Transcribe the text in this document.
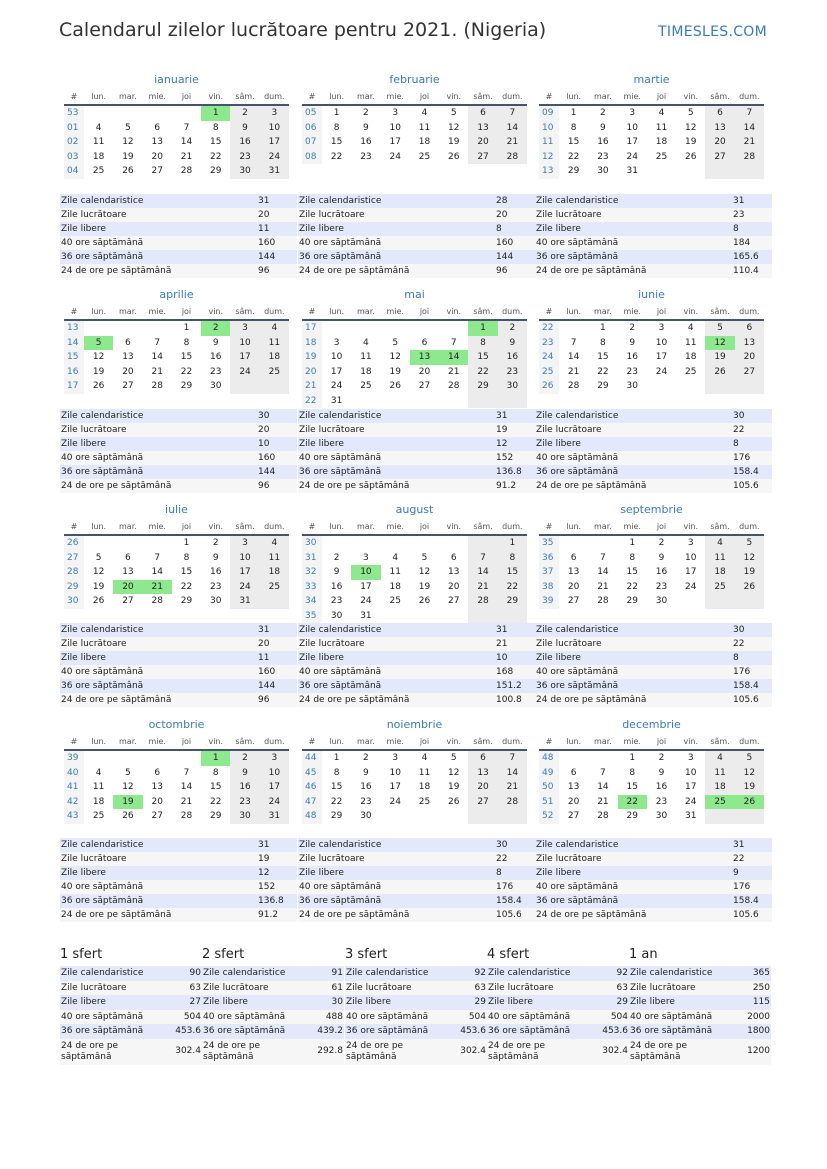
Calendarul zilelor lucrătoare pentru 2021. (Nigeria)	TIMESLES.COM
ianuarie
#	lun.	mar.	mie.	joi	vin.	sâm.	dum.
53					1	2	3
01	4	5	6	7	8	9	10
02	11	12	13	14	15	16	17
03	18	19	20	21	22	23	24
04	25	26	27	28	29	30	31
Zile calendaristice	31
Zile lucrătoare	20
Zile libere	11
40 ore săptămână	160
36 ore săptămână	144
24 de ore pe săptămână	96
februarie
#	lun.	mar.	mie.	joi	vin.	sâm.	dum.
05	1	2	3	4	5	6	7
06	8	9	10	11	12	13	14
07	15	16	17	18	19	20	21
08	22	23	24	25	26	27	28
Zile calendaristice	28
Zile lucrătoare	20
Zile libere	8
40 ore săptămână	160
36 ore săptămână	144
24 de ore pe săptămână	96
martie
#	lun.	mar.	mie.	joi	vin.	sâm.	dum.
09	1	2	3	4	5	6	7
10	8	9	10	11	12	13	14
11	15	16	17	18	19	20	21
12	22	23	24	25	26	27	28
13	29	30	31				
Zile calendaristice	31
Zile lucrătoare	23
Zile libere	8
40 ore săptămână	184
36 ore săptămână	165.6
24 de ore pe săptămână	110.4
aprilie
#	lun.	mar.	mie.	joi	vin.	sâm.	dum.
13				1	2	3	4
14	5	6	7	8	9	10	11
15	12	13	14	15	16	17	18
16	19	20	21	22	23	24	25
17	26	27	28	29	30		
Zile calendaristice	30
Zile lucrătoare	20
Zile libere	10
40 ore săptămână	160
36 ore săptămână	144
24 de ore pe săptămână	96
mai
#	lun.	mar.	mie.	joi	vin.	sâm.	dum.
17						1	2
18	3	4	5	6	7	8	9
19	10	11	12	13	14	15	16
20	17	18	19	20	21	22	23
21	24	25	26	27	28	29	30
22	31						
Zile calendaristice	31
Zile lucrătoare	19
Zile libere	12
40 ore săptămână	152
36 ore săptămână	136.8
24 de ore pe săptămână	91.2
iunie
#	lun.	mar.	mie.	joi	vin.	sâm.	dum.
22		1	2	3	4	5	6
23	7	8	9	10	11	12	13
24	14	15	16	17	18	19	20
25	21	22	23	24	25	26	27
26	28	29	30				
Zile calendaristice	30
Zile lucrătoare	22
Zile libere	8
40 ore săptămână	176
36 ore săptămână	158.4
24 de ore pe săptămână	105.6
iulie
#	lun.	mar.	mie.	joi	vin.	sâm.	dum.
26				1	2	3	4
27	5	6	7	8	9	10	11
28	12	13	14	15	16	17	18
29	19	20	21	22	23	24	25
30	26	27	28	29	30	31	
Zile calendaristice	31
Zile lucrătoare	20
Zile libere	11
40 ore săptămână	160
36 ore săptămână	144
24 de ore pe săptămână	96
august
#	lun.	mar.	mie.	joi	vin.	sâm.	dum.
30							1
31	2	3	4	5	6	7	8
32	9	10	11	12	13	14	15
33	16	17	18	19	20	21	22
34	23	24	25	26	27	28	29
35	30	31					
Zile calendaristice	31
Zile lucrătoare	21
Zile libere	10
40 ore săptămână	168
36 ore săptămână	151.2
24 de ore pe săptămână	100.8
septembrie
#	lun.	mar.	mie.	joi	vin.	sâm.	dum.
35			1	2	3	4	5
36	6	7	8	9	10	11	12
37	13	14	15	16	17	18	19
38	20	21	22	23	24	25	26
39	27	28	29	30			
Zile calendaristice	30
Zile lucrătoare	22
Zile libere	8
40 ore săptămână	176
36 ore săptămână	158.4
24 de ore pe săptămână	105.6
octombrie
#	lun.	mar.	mie.	joi	vin.	sâm.	dum.
39					1	2	3
40	4	5	6	7	8	9	10
41	11	12	13	14	15	16	17
42	18	19	20	21	22	23	24
43	25	26	27	28	29	30	31
Zile calendaristice	31
Zile lucrătoare	19
Zile libere	12
40 ore săptămână	152
36 ore săptămână	136.8
24 de ore pe săptămână	91.2
noiembrie
#	lun.	mar.	mie.	joi	vin.	sâm.	dum.
44	1	2	3	4	5	6	7
45	8	9	10	11	12	13	14
46	15	16	17	18	19	20	21
47	22	23	24	25	26	27	28
48	29	30					
Zile calendaristice	30
Zile lucrătoare	22
Zile libere	8
40 ore săptămână	176
36 ore săptămână	158.4
24 de ore pe săptămână	105.6
decembrie
#	lun.	mar.	mie.	joi	vin.	sâm.	dum.
48			1	2	3	4	5
49	6	7	8	9	10	11	12
50	13	14	15	16	17	18	19
51	20	21	22	23	24	25	26
52	27	28	29	30	31		
Zile calendaristice	31
Zile lucrătoare	22
Zile libere	9
40 ore săptămână	176
36 ore săptămână	158.4
24 de ore pe săptămână	105.6
1 sfert
Zile calendaristice	90
Zile lucrătoare	63
Zile libere	27
40 ore săptămână	504
36 ore săptămână	453.6
24 de ore pe săptămână	302.4
2 sfert
Zile calendaristice	91
Zile lucrătoare	61
Zile libere	30
40 ore săptămână	488
36 ore săptămână	439.2
24 de ore pe săptămână	292.8
3 sfert
Zile calendaristice	92
Zile lucrătoare	63
Zile libere	29
40 ore săptămână	504
36 ore săptămână	453.6
24 de ore pe săptămână	302.4
4 sfert
Zile calendaristice	92
Zile lucrătoare	63
Zile libere	29
40 ore săptămână	504
36 ore săptămână	453.6
24 de ore pe săptămână	302.4
1 an
Zile calendaristice	365
Zile lucrătoare	250
Zile libere	115
40 ore săptămână	2000
36 ore săptămână	1800
24 de ore pe săptămână	1200
